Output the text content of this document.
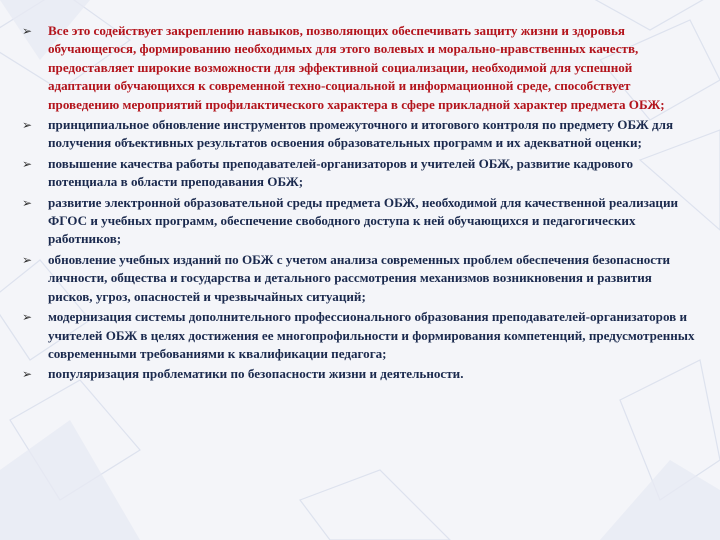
➢ Все это содействует закреплению навыков, позволяющих обеспечивать защиту жизни и здоровья обучающегося, формированию необходимых для этого волевых и морально-нравственных качеств, предоставляет широкие возможности для эффективной социализации, необходимой для успешной адаптации обучающихся к современной техно-социальной и информационной среде, способствует проведению мероприятий профилактического характера в сфере прикладной характер предмета ОБЖ;
➢ принципиальное обновление инструментов промежуточного и итогового контроля по предмету ОБЖ для получения объективных результатов освоения образовательных программ и их адекватной оценки;
➢ повышение качества работы преподавателей-организаторов и учителей ОБЖ, развитие кадрового потенциала в области преподавания ОБЖ;
➢ развитие электронной образовательной среды предмета ОБЖ, необходимой для качественной реализации ФГОС и учебных программ, обеспечение свободного доступа к ней обучающихся и педагогических работников;
➢ обновление учебных изданий по ОБЖ с учетом анализа современных проблем обеспечения безопасности личности, общества и государства и детального рассмотрения механизмов возникновения и развития рисков, угроз, опасностей и чрезвычайных ситуаций;
➢ модернизация системы дополнительного профессионального образования преподавателей-организаторов и учителей ОБЖ в целях достижения ее многопрофильности и формирования компетенций, предусмотренных современными требованиями к квалификации педагога;
➢ популяризация проблематики по безопасности жизни и деятельности.
